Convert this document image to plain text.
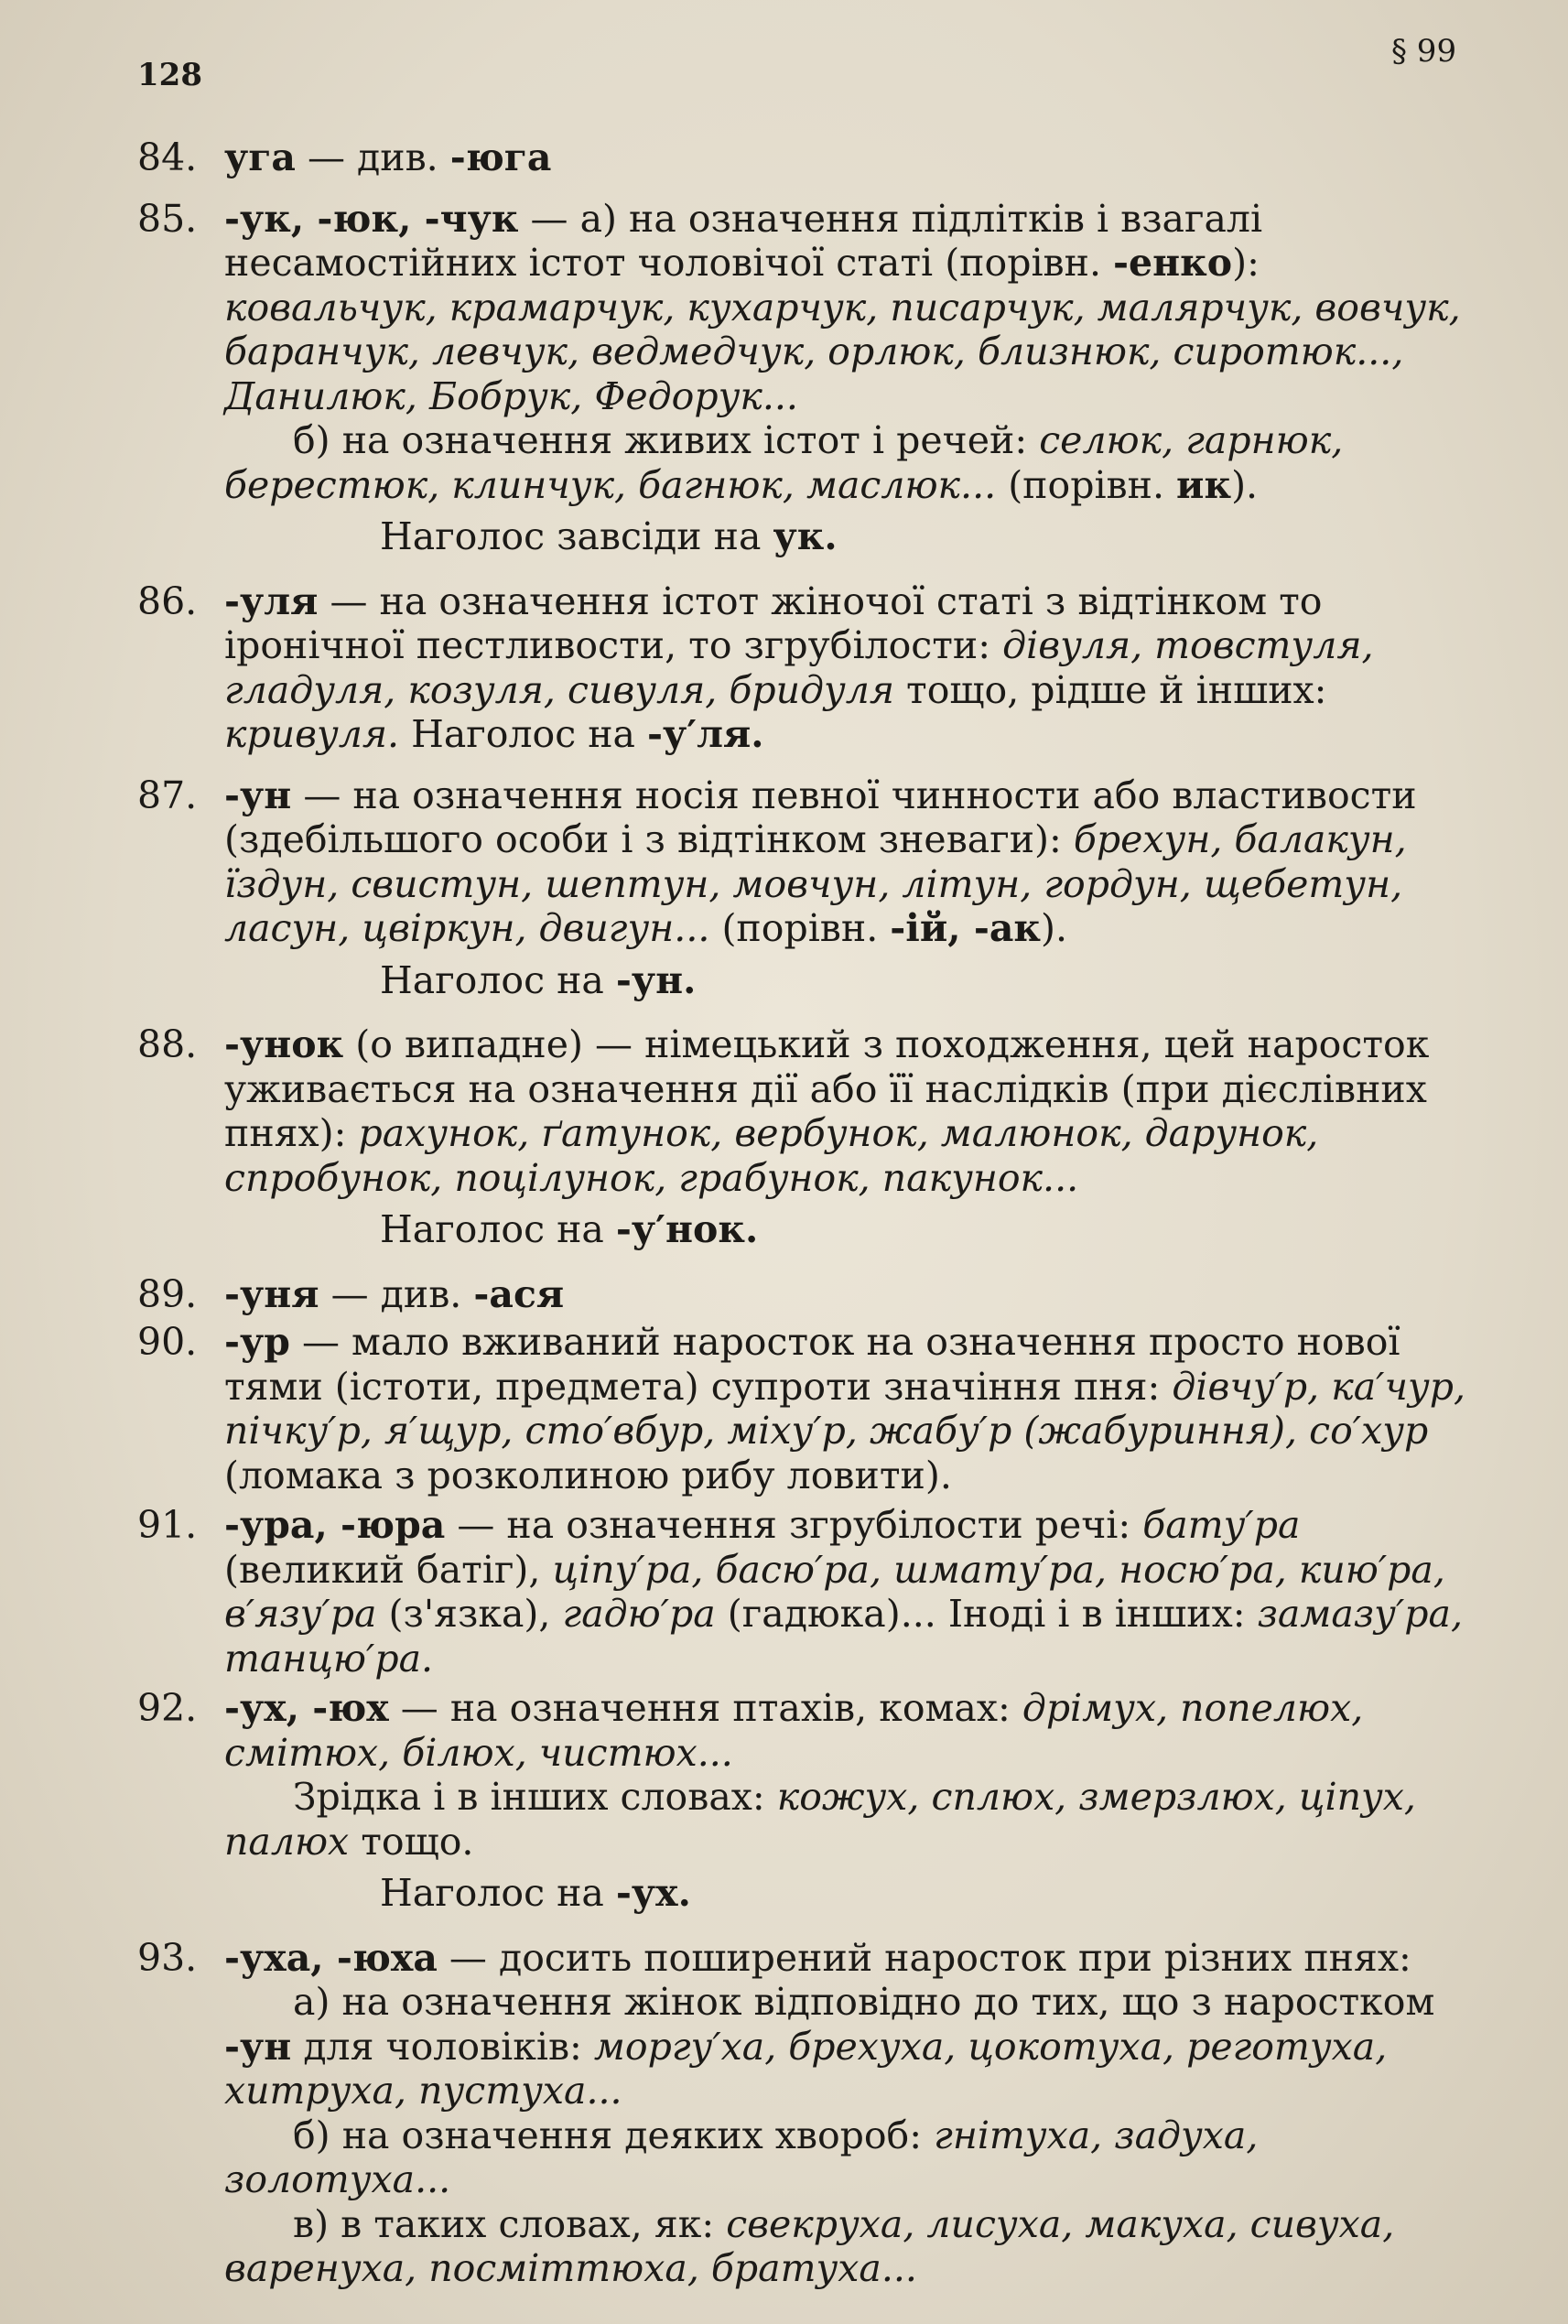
128
§ 99
84. уга — див. -юга
85. -ук, -юк, -чук — а) на означення підлітків і взагалі несамостійних істот чоловічої статі (порівн. -енко): ковальчук, крамарчук, кухарчук, писарчук, малярчук, вовчук, баранчук, левчук, ведмедчук, орлюк, близнюк, сиротюк..., Данилюк, Бобрук, Федорук...
б) на означення живих істот і речей: селюк, гарнюк, берестюк, клинчук, багнюк, маслюк... (порівн. ик).
Наголос завсіди на ук.
86. -уля — на означення істот жіночої статі з відтінком то іронічної пестливости, то згрубілости: дівуля, товстуля, гладуля, козуля, сивуля, бридуля тощо, рідше й інших: кривуля. Наголос на -у′ля.
87. -ун — на означення носія певної чинности або властивости (здебільшого особи і з відтінком зневаги): брехун, балакун, їздун, свистун, шептун, мовчун, літун, гордун, щебетун, ласун, цвіркун, двигун... (порівн. -ій, -ак).
Наголос на -ун.
88. -унок (о випадне) — німецький з походження, цей наросток уживається на означення дії або її наслідків (при дієслівних пнях): рахунок, ґатунок, вербунок, малюнок, дарунок, спробунок, поцілунок, грабунок, пакунок...
Наголос на -у′нок.
89. -уня — див. -ася
90. -ур — мало вживаний наросток на означення просто нової тями (істоти, предмета) супроти значіння пня: дівчу′р, ка′чур, пічку′р, я′щур, сто′вбур, міху′р, жабу′р (жабуриння), со′хур (ломака з розколиною рибу ловити).
91. -ура, -юра — на означення згрубілости речі: бату′ра (великий батіг), ціпу′ра, басю′ра, шмату′ра, носю′ра, кию′ра, в′язу′ра (з'язка), гадю′ра (гадюка)... Іноді і в інших: замазу′ра, танцю′ра.
92. -ух, -юх — на означення птахів, комах: дрімух, попелюх, смітюх, білюх, чистюх...
Зрідка і в інших словах: кожух, сплюх, змерзлюх, ціпух, палюх тощо.
Наголос на -ух.
93. -уха, -юха — досить поширений наросток при різних пнях:
а) на означення жінок відповідно до тих, що з наростком -ун для чоловіків: моргу′ха, брехуха, цокотуха, реготуха, хитруха, пустуха...
б) на означення деяких хвороб: гнітуха, задуха, золотуха...
в) в таких словах, як: свекруха, лисуха, макуха, сивуха, варенуха, посміттюха, братуха...
